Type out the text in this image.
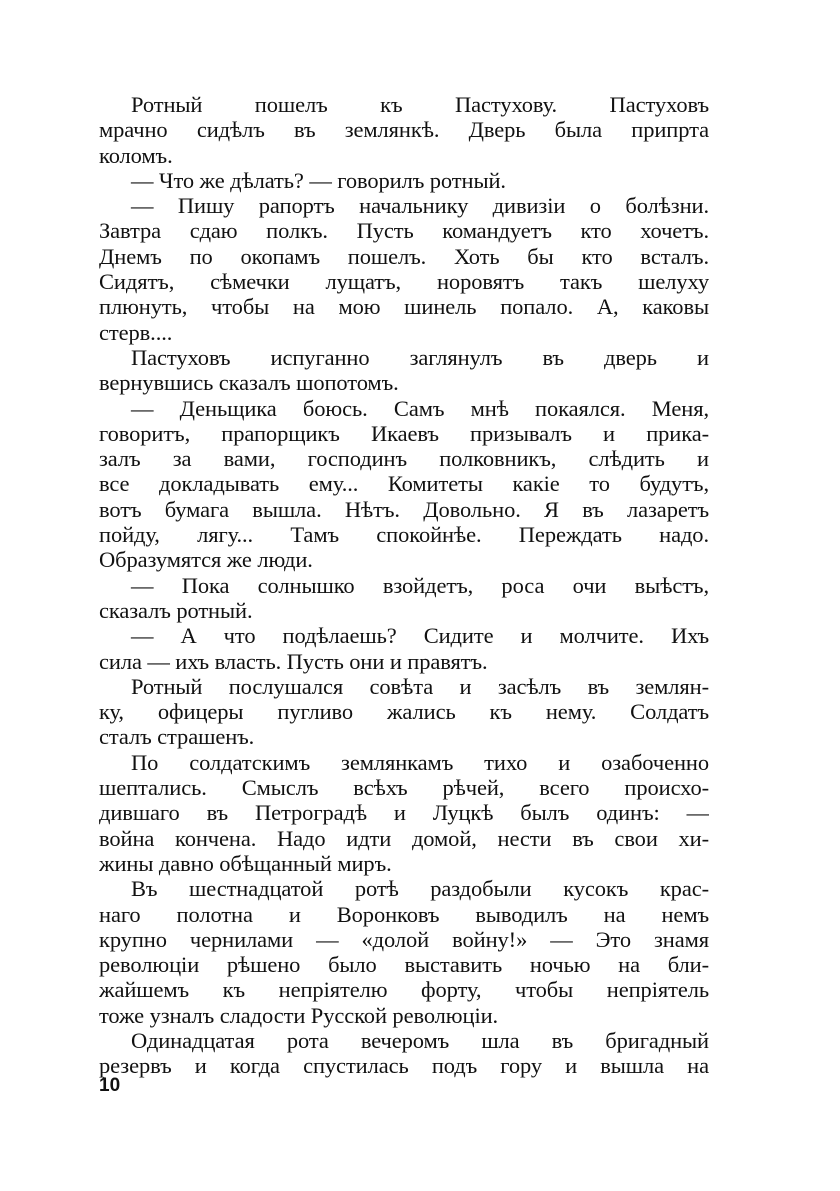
Ротный пошелъ къ Пастухову. Пастуховъ
мрачно сидѣлъ въ землянкѣ. Дверь была припрта
коломъ.
— Что же дѣлать? — говорилъ ротный.
— Пишу рапортъ начальнику дивизіи о болѣзни.
Завтра сдаю полкъ. Пусть командуетъ кто хочетъ.
Днемъ по окопамъ пошелъ. Хоть бы кто всталъ.
Сидятъ, сѣмечки лущатъ, норовятъ такъ шелуху
плюнуть, чтобы на мою шинель попало. А, каковы
стерв....
Пастуховъ испуганно заглянулъ въ дверь и
вернувшись сказалъ шопотомъ.
— Деньщика боюсь. Самъ мнѣ покаялся. Меня,
говоритъ, прапорщикъ Икаевъ призывалъ и прика-
залъ за вами, господинъ полковникъ, слѣдить и
все докладывать ему... Комитеты какіе то будутъ,
вотъ бумага вышла. Нѣтъ. Довольно. Я въ лазаретъ
пойду, лягу... Тамъ спокойнѣе. Переждать надо.
Образумятся же люди.
— Пока солнышко взойдетъ, роса очи выѣстъ,
сказалъ ротный.
— А что подѣлаешь? Сидите и молчите. Ихъ
сила — ихъ власть. Пусть они и правятъ.
Ротный послушался совѣта и засѣлъ въ землян-
ку, офицеры пугливо жались къ нему. Солдатъ
сталъ страшенъ.
По солдатскимъ землянкамъ тихо и озабоченно
шептались. Смыслъ всѣхъ рѣчей, всего происхо-
дившаго въ Петроградѣ и Луцкѣ былъ одинъ: —
война кончена. Надо идти домой, нести въ свои хи-
жины давно обѣщанный миръ.
Въ шестнадцатой ротѣ раздобыли кусокъ крас-
наго полотна и Воронковъ выводилъ на немъ
крупно чернилами — «долой войну!» — Это знамя
революціи рѣшено было выставить ночью на бли-
жайшемъ къ непріятелю форту, чтобы непріятель
тоже узналъ сладости Русской революціи.
Одинадцатая рота вечеромъ шла въ бригадный
резервъ и когда спустилась подъ гору и вышла на
10
